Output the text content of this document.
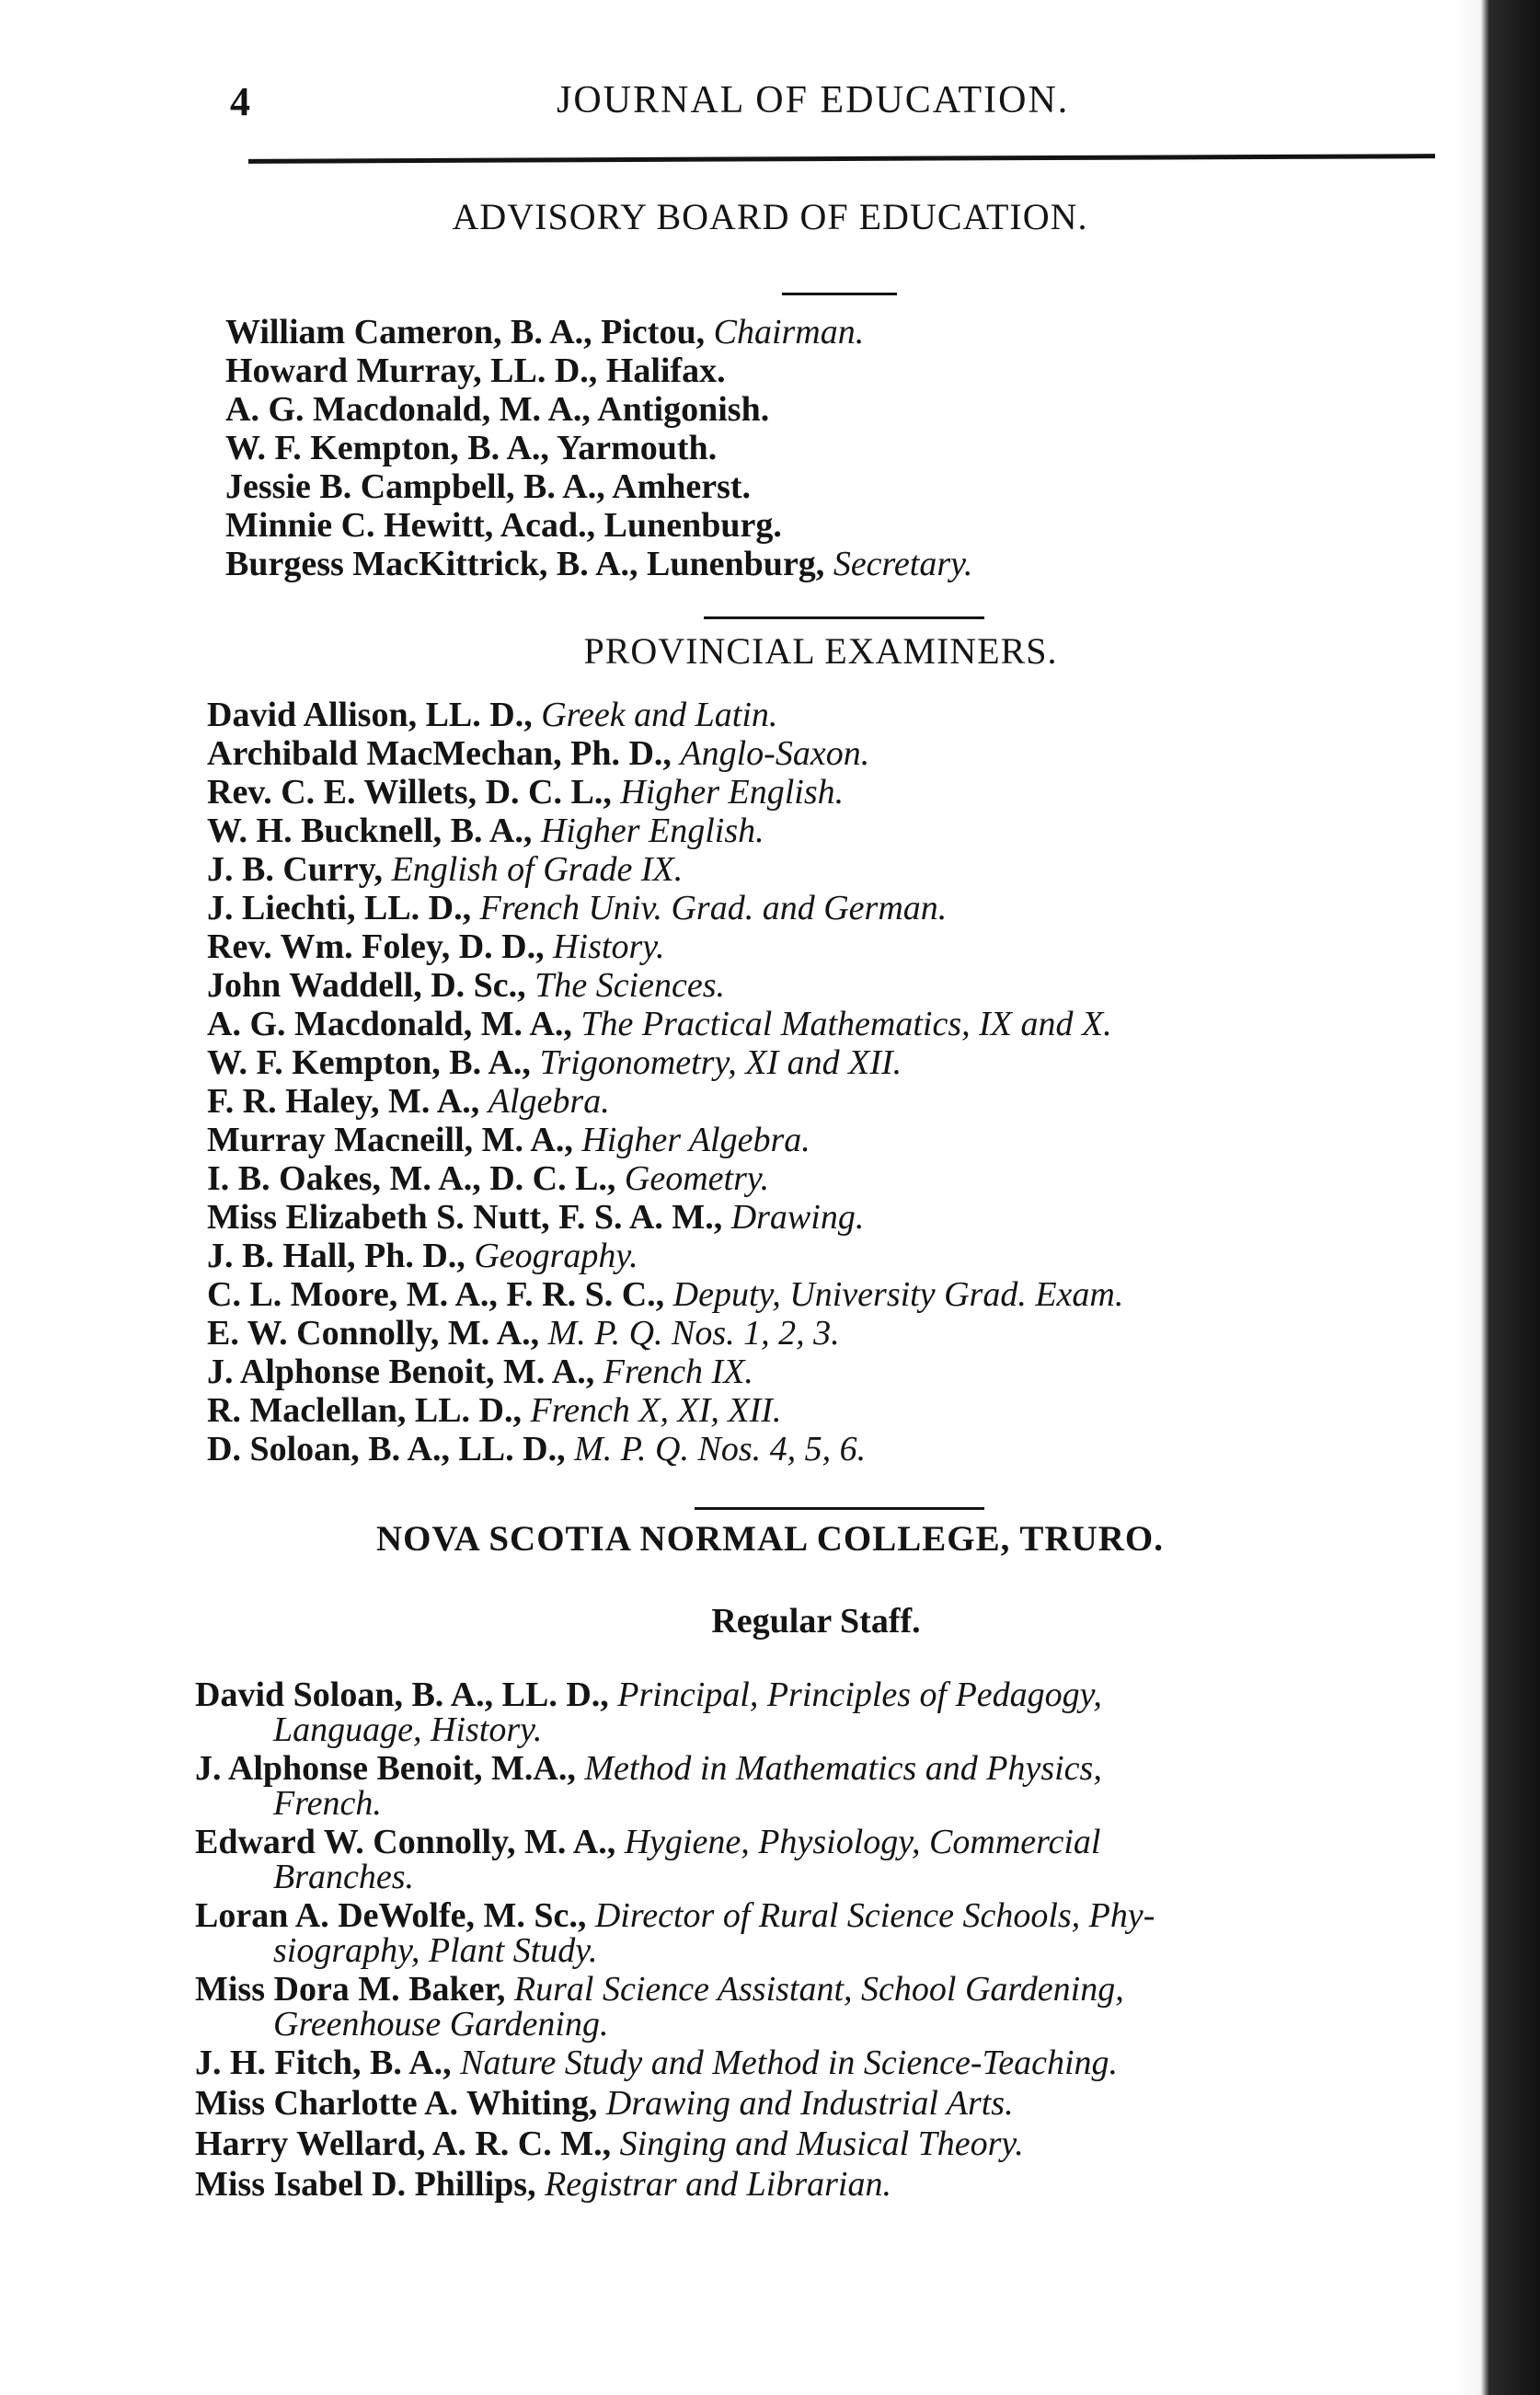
4	JOURNAL OF EDUCATION.
ADVISORY BOARD OF EDUCATION.
William Cameron, B. A., Pictou, Chairman.
Howard Murray, LL. D., Halifax.
A. G. Macdonald, M. A., Antigonish.
W. F. Kempton, B. A., Yarmouth.
Jessie B. Campbell, B. A., Amherst.
Minnie C. Hewitt, Acad., Lunenburg.
Burgess MacKittrick, B. A., Lunenburg, Secretary.
PROVINCIAL EXAMINERS.
David Allison, LL. D., Greek and Latin.
Archibald MacMechan, Ph. D., Anglo-Saxon.
Rev. C. E. Willets, D. C. L., Higher English.
W. H. Bucknell, B. A., Higher English.
J. B. Curry, English of Grade IX.
J. Liechti, LL. D., French Univ. Grad. and German.
Rev. Wm. Foley, D. D., History.
John Waddell, D. Sc., The Sciences.
A. G. Macdonald, M. A., The Practical Mathematics, IX and X.
W. F. Kempton, B. A., Trigonometry, XI and XII.
F. R. Haley, M. A., Algebra.
Murray Macneill, M. A., Higher Algebra.
I. B. Oakes, M. A., D. C. L., Geometry.
Miss Elizabeth S. Nutt, F. S. A. M., Drawing.
J. B. Hall, Ph. D., Geography.
C. L. Moore, M. A., F. R. S. C., Deputy, University Grad. Exam.
E. W. Connolly, M. A., M. P. Q. Nos. 1, 2, 3.
J. Alphonse Benoit, M. A., French IX.
R. Maclellan, LL. D., French X, XI, XII.
D. Soloan, B. A., LL. D., M. P. Q. Nos. 4, 5, 6.
NOVA SCOTIA NORMAL COLLEGE, TRURO.
Regular Staff.
David Soloan, B. A., LL. D., Principal, Principles of Pedagogy,
Language, History.
J. Alphonse Benoit, M.A., Method in Mathematics and Physics,
French.
Edward W. Connolly, M. A., Hygiene, Physiology, Commercial
Branches.
Loran A. DeWolfe, M. Sc., Director of Rural Science Schools, Phy-
siography, Plant Study.
Miss Dora M. Baker, Rural Science Assistant, School Gardening,
Greenhouse Gardening.
J. H. Fitch, B. A., Nature Study and Method in Science-Teaching.
Miss Charlotte A. Whiting, Drawing and Industrial Arts.
Harry Wellard, A. R. C. M., Singing and Musical Theory.
Miss Isabel D. Phillips, Registrar and Librarian.
